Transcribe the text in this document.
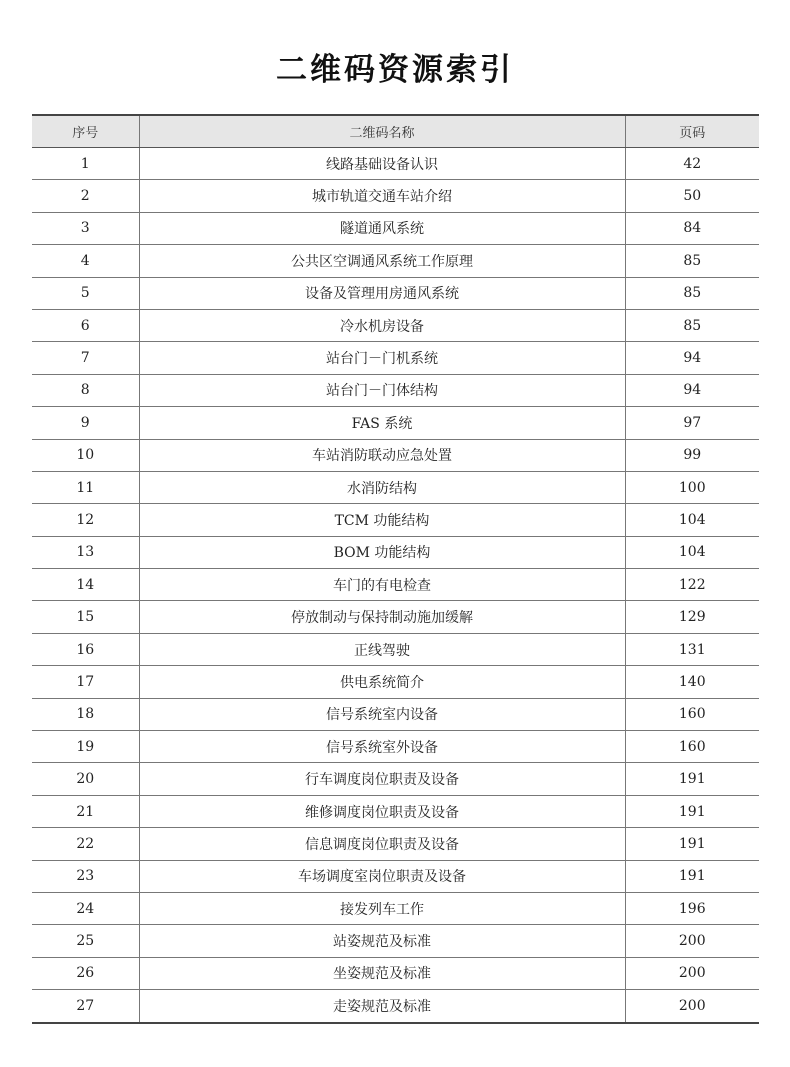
二维码资源索引
序号	二维码名称	页码
1	线路基础设备认识	42
2	城市轨道交通车站介绍	50
3	隧道通风系统	84
4	公共区空调通风系统工作原理	85
5	设备及管理用房通风系统	85
6	冷水机房设备	85
7	站台门－门机系统	94
8	站台门－门体结构	94
9	FAS 系统	97
10	车站消防联动应急处置	99
11	水消防结构	100
12	TCM 功能结构	104
13	BOM 功能结构	104
14	车门的有电检查	122
15	停放制动与保持制动施加缓解	129
16	正线驾驶	131
17	供电系统简介	140
18	信号系统室内设备	160
19	信号系统室外设备	160
20	行车调度岗位职责及设备	191
21	维修调度岗位职责及设备	191
22	信息调度岗位职责及设备	191
23	车场调度室岗位职责及设备	191
24	接发列车工作	196
25	站姿规范及标准	200
26	坐姿规范及标准	200
27	走姿规范及标准	200
